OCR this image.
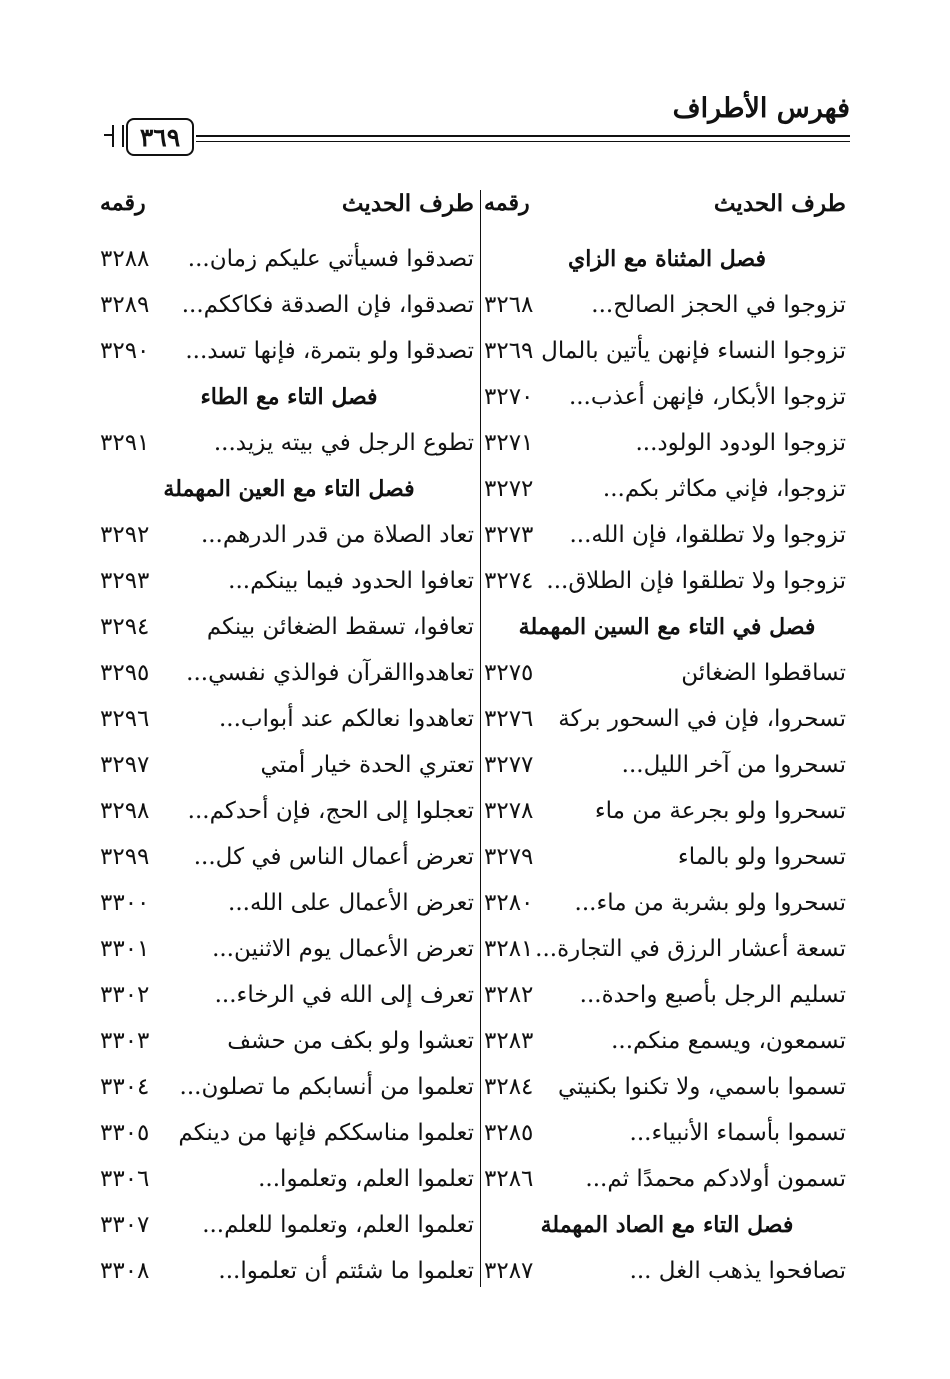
فهرس الأطراف
٣٦٩
طرف الحديث
رقمه
فصل المثناة مع الزاي
تزوجوا في الحجز الصالح...
٣٢٦٨
تزوجوا النساء فإنهن يأتين بالمال
٣٢٦٩
تزوجوا الأبكار، فإنهن أعذب...
٣٢٧٠
تزوجوا الودود الولود...
٣٢٧١
تزوجوا، فإني مكاثر بكم...
٣٢٧٢
تزوجوا ولا تطلقوا، فإن الله...
٣٢٧٣
تزوجوا ولا تطلقوا فإن الطلاق...
٣٢٧٤
فصل في التاء مع السين المهملة
تساقطوا الضغائن
٣٢٧٥
تسحروا، فإن في السحور بركة
٣٢٧٦
تسحروا من آخر الليل...
٣٢٧٧
تسحروا ولو بجرعة من ماء
٣٢٧٨
تسحروا ولو بالماء
٣٢٧٩
تسحروا ولو بشربة من ماء...
٣٢٨٠
تسعة أعشار الرزق في التجارة...
٣٢٨١
تسليم الرجل بأصبع واحدة...
٣٢٨٢
تسمعون، ويسمع منكم...
٣٢٨٣
تسموا باسمي، ولا تكنوا بكنيتي
٣٢٨٤
تسموا بأسماء الأنبياء...
٣٢٨٥
تسمون أولادكم محمدًا ثم...
٣٢٨٦
فصل التاء مع الصاد المهملة
تصافحوا يذهب الغل ...
٣٢٨٧
طرف الحديث
رقمه
تصدقوا فسيأتي عليكم زمان...
٣٢٨٨
تصدقوا، فإن الصدقة فكاككم...
٣٢٨٩
تصدقوا ولو بتمرة، فإنها تسد...
٣٢٩٠
فصل التاء مع الطاء
تطوع الرجل في بيته يزيد...
٣٢٩١
فصل التاء مع العين المهملة
تعاد الصلاة من قدر الدرهم...
٣٢٩٢
تعافوا الحدود فيما بينكم...
٣٢٩٣
تعافوا، تسقط الضغائن بينكم
٣٢٩٤
تعاهدواالقرآن فوالذي نفسي...
٣٢٩٥
تعاهدوا نعالكم عند أبواب...
٣٢٩٦
تعتري الحدة خيار أمتي
٣٢٩٧
تعجلوا إلى الحج، فإن أحدكم...
٣٢٩٨
تعرض أعمال الناس في كل...
٣٢٩٩
تعرض الأعمال على الله...
٣٣٠٠
تعرض الأعمال يوم الاثنين...
٣٣٠١
تعرف إلى الله في الرخاء...
٣٣٠٢
تعشوا ولو بكف من حشف
٣٣٠٣
تعلموا من أنسابكم ما تصلون...
٣٣٠٤
تعلموا مناسككم فإنها من دينكم
٣٣٠٥
تعلموا العلم، وتعلموا...
٣٣٠٦
تعلموا العلم، وتعلموا للعلم...
٣٣٠٧
تعلموا ما شئتم أن تعلموا...
٣٣٠٨
